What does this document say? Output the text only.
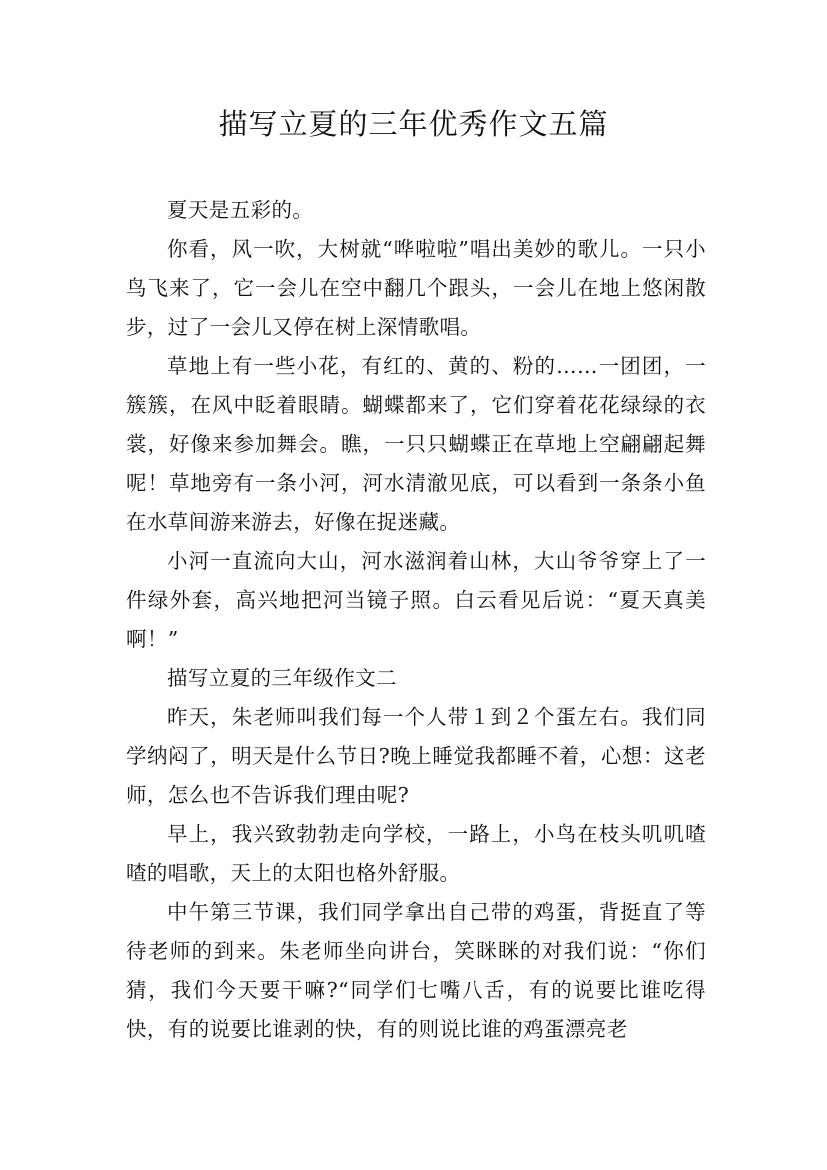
描写立夏的三年优秀作文五篇

夏天是五彩的。

你看，风一吹，大树就“哗啦啦”唱出美妙的歌儿。一只小鸟飞来了，它一会儿在空中翻几个跟头，一会儿在地上悠闲散步，过了一会儿又停在树上深情歌唱。

草地上有一些小花，有红的、黄的、粉的……一团团，一簇簇，在风中眨着眼睛。蝴蝶都来了，它们穿着花花绿绿的衣裳，好像来参加舞会。瞧，一只只蝴蝶正在草地上空翩翩起舞呢！草地旁有一条小河，河水清澈见底，可以看到一条条小鱼在水草间游来游去，好像在捉迷藏。

小河一直流向大山，河水滋润着山林，大山爷爷穿上了一件绿外套，高兴地把河当镜子照。白云看见后说：“夏天真美啊！”

描写立夏的三年级作文二

昨天，朱老师叫我们每一个人带１到２个蛋左右。我们同学纳闷了，明天是什么节日?晚上睡觉我都睡不着，心想：这老师，怎么也不告诉我们理由呢?

早上，我兴致勃勃走向学校，一路上，小鸟在枝头叽叽喳喳的唱歌，天上的太阳也格外舒服。

中午第三节课，我们同学拿出自己带的鸡蛋，背挺直了等待老师的到来。朱老师坐向讲台，笑眯眯的对我们说：“你们猜，我们今天要干嘛?“同学们七嘴八舌，有的说要比谁吃得快，有的说要比谁剥的快，有的则说比谁的鸡蛋漂亮老
